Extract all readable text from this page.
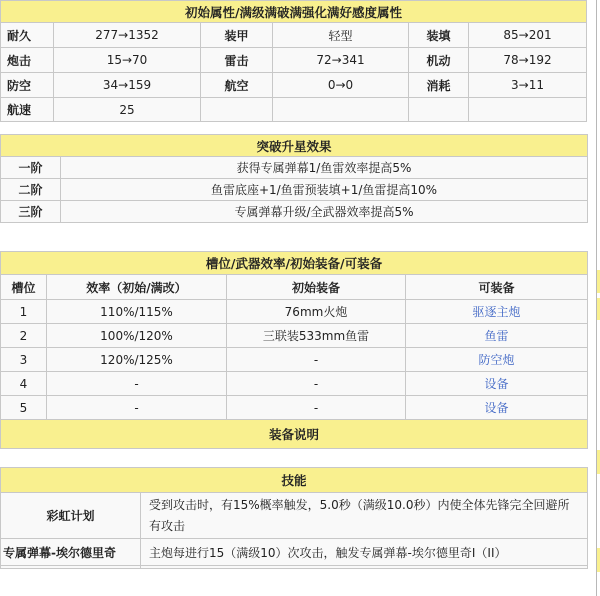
初始属性/满级满破满强化满好感度属性					
耐久	277→1352	装甲	轻型	装填	85→201
炮击	15→70	雷击	72→341	机动	78→192
防空	34→159	航空	0→0	消耗	3→11
航速	25				
突破升星效果	
一阶	获得专属弹幕1/鱼雷效率提高5%
二阶	鱼雷底座+1/鱼雷预装填+1/鱼雷提高10%
三阶	专属弹幕升级/全武器效率提高5%
槽位/武器效率/初始装备/可装备			
槽位	效率（初始/满改）	初始装备	可装备
1	110%/115%	76mm火炮	驱逐主炮
2	100%/120%	三联装533mm鱼雷	鱼雷
3	120%/125%	-	防空炮
4	-	-	设备
5	-	-	设备
装备说明			
技能	
彩虹计划	受到攻击时，有15%概率触发，5.0秒（满级10.0秒）内使全体先锋完全回避所有攻击
专属弹幕-埃尔德里奇	主炮每进行15（满级10）次攻击，触发专属弹幕-埃尔德里奇I（II）
